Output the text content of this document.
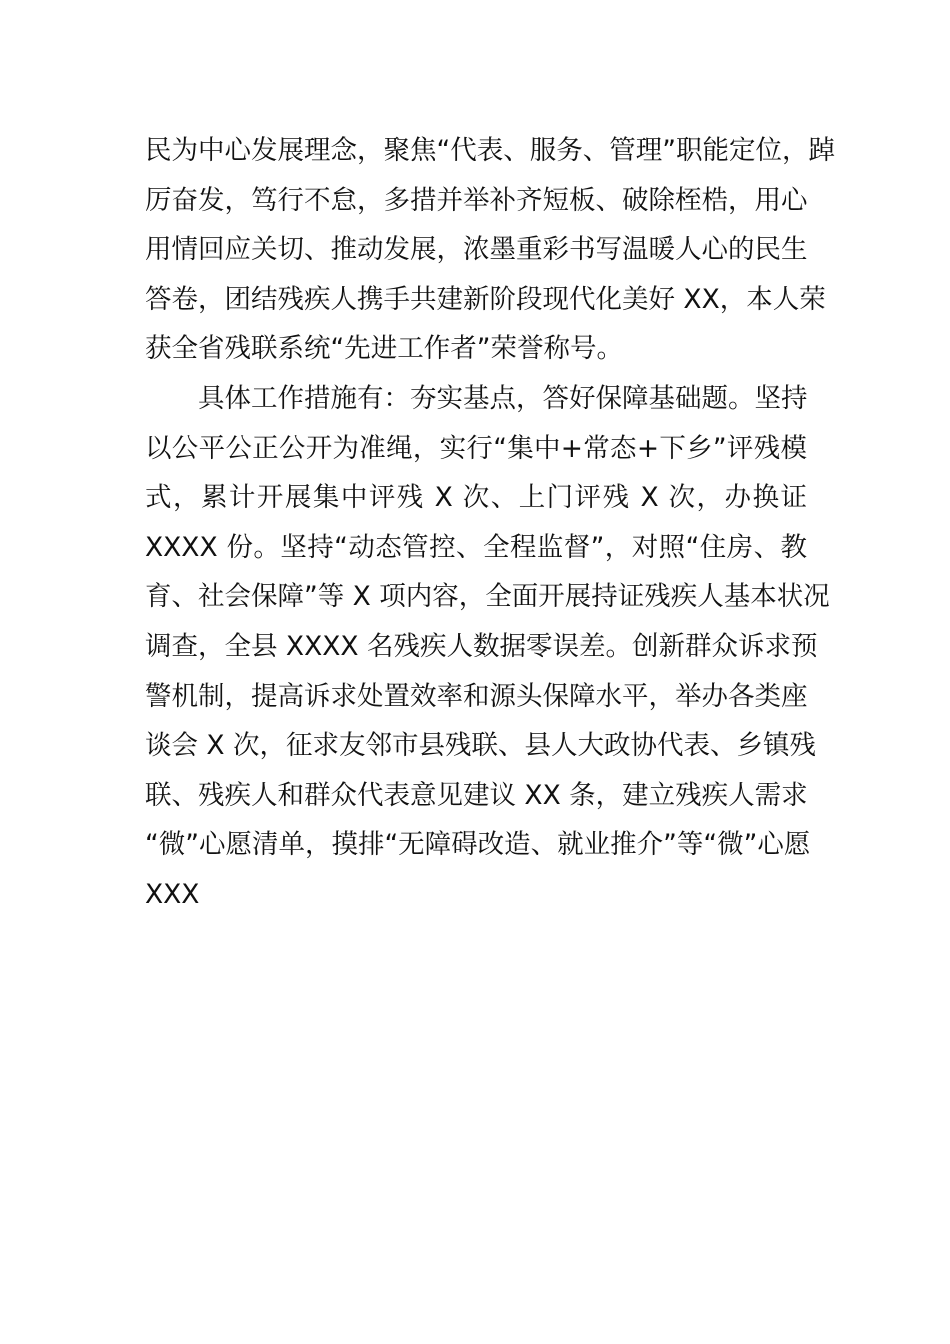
民为中心发展理念，聚焦“代表、服务、管理”职能定位，踔
厉奋发，笃行不怠，多措并举补齐短板、破除桎梏，用心
用情回应关切、推动发展，浓墨重彩书写温暖人心的民生
答卷，团结残疾人携手共建新阶段现代化美好 XX，本人荣
获全省残联系统“先进工作者”荣誉称号。
具体工作措施有：夯实基点，答好保障基础题。坚持
以公平公正公开为准绳，实行“集中+常态+下乡”评残模
式，累计开展集中评残 X 次、上门评残 X 次，办换证
XXXX 份。坚持“动态管控、全程监督”，对照“住房、教
育、社会保障”等 X 项内容，全面开展持证残疾人基本状况
调查，全县 XXXX 名残疾人数据零误差。创新群众诉求预
警机制，提高诉求处置效率和源头保障水平，举办各类座
谈会 X 次，征求友邻市县残联、县人大政协代表、乡镇残
联、残疾人和群众代表意见建议 XX 条，建立残疾人需求
“微”心愿清单，摸排“无障碍改造、就业推介”等“微”心愿
XXX
